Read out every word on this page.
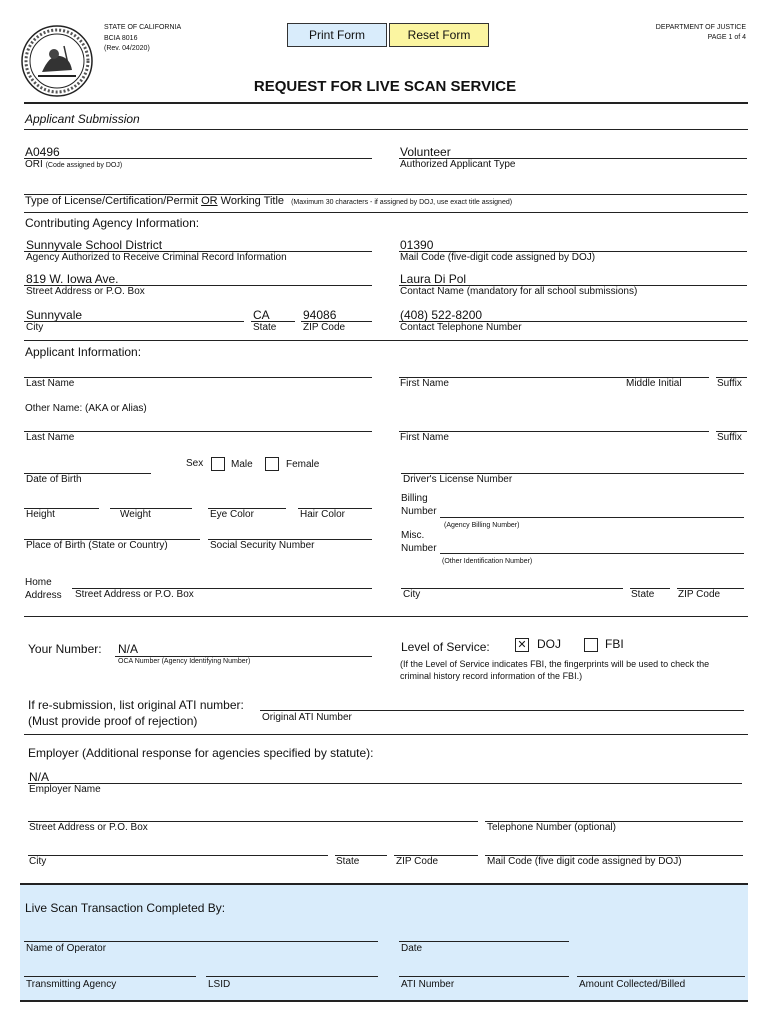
STATE OF CALIFORNIA
BCIA 8016
(Rev. 04/2020)
Print Form	Reset Form
DEPARTMENT OF JUSTICE
PAGE 1 of 4
REQUEST FOR LIVE SCAN SERVICE
Applicant Submission
A0496
ORI (Code assigned by DOJ)
Volunteer
Authorized Applicant Type
Type of License/Certification/Permit OR Working Title (Maximum 30 characters - if assigned by DOJ, use exact title assigned)
Contributing Agency Information:
Sunnyvale School District
Agency Authorized to Receive Criminal Record Information
01390
Mail Code (five-digit code assigned by DOJ)
819 W. Iowa Ave.
Street Address or P.O. Box
Laura Di Pol
Contact Name (mandatory for all school submissions)
Sunnyvale
City
CA
State
94086
ZIP Code
(408) 522-8200
Contact Telephone Number
Applicant Information:
Last Name	First Name	Middle Initial	Suffix
Other Name: (AKA or Alias)
Last Name	First Name	Suffix
Sex	Male	Female
Date of Birth	Driver's License Number
Billing
Number
(Agency Billing Number)
Height	Weight	Eye Color	Hair Color
Place of Birth (State or Country)	Social Security Number
Misc.
Number
(Other Identification Number)
Home
Address Street Address or P.O. Box	City	State ZIP Code
Your Number: N/A
OCA Number (Agency Identifying Number)
Level of Service:	✕ DOJ	FBI
(If the Level of Service indicates FBI, the fingerprints will be used to check the
criminal history record information of the FBI.)
If re-submission, list original ATI number:
(Must provide proof of rejection)	Original ATI Number
Employer (Additional response for agencies specified by statute):
N/A
Employer Name
Street Address or P.O. Box	Telephone Number (optional)
City	State	ZIP Code	Mail Code (five digit code assigned by DOJ)
Live Scan Transaction Completed By:
Name of Operator	Date
Transmitting Agency	LSID	ATI Number	Amount Collected/Billed
